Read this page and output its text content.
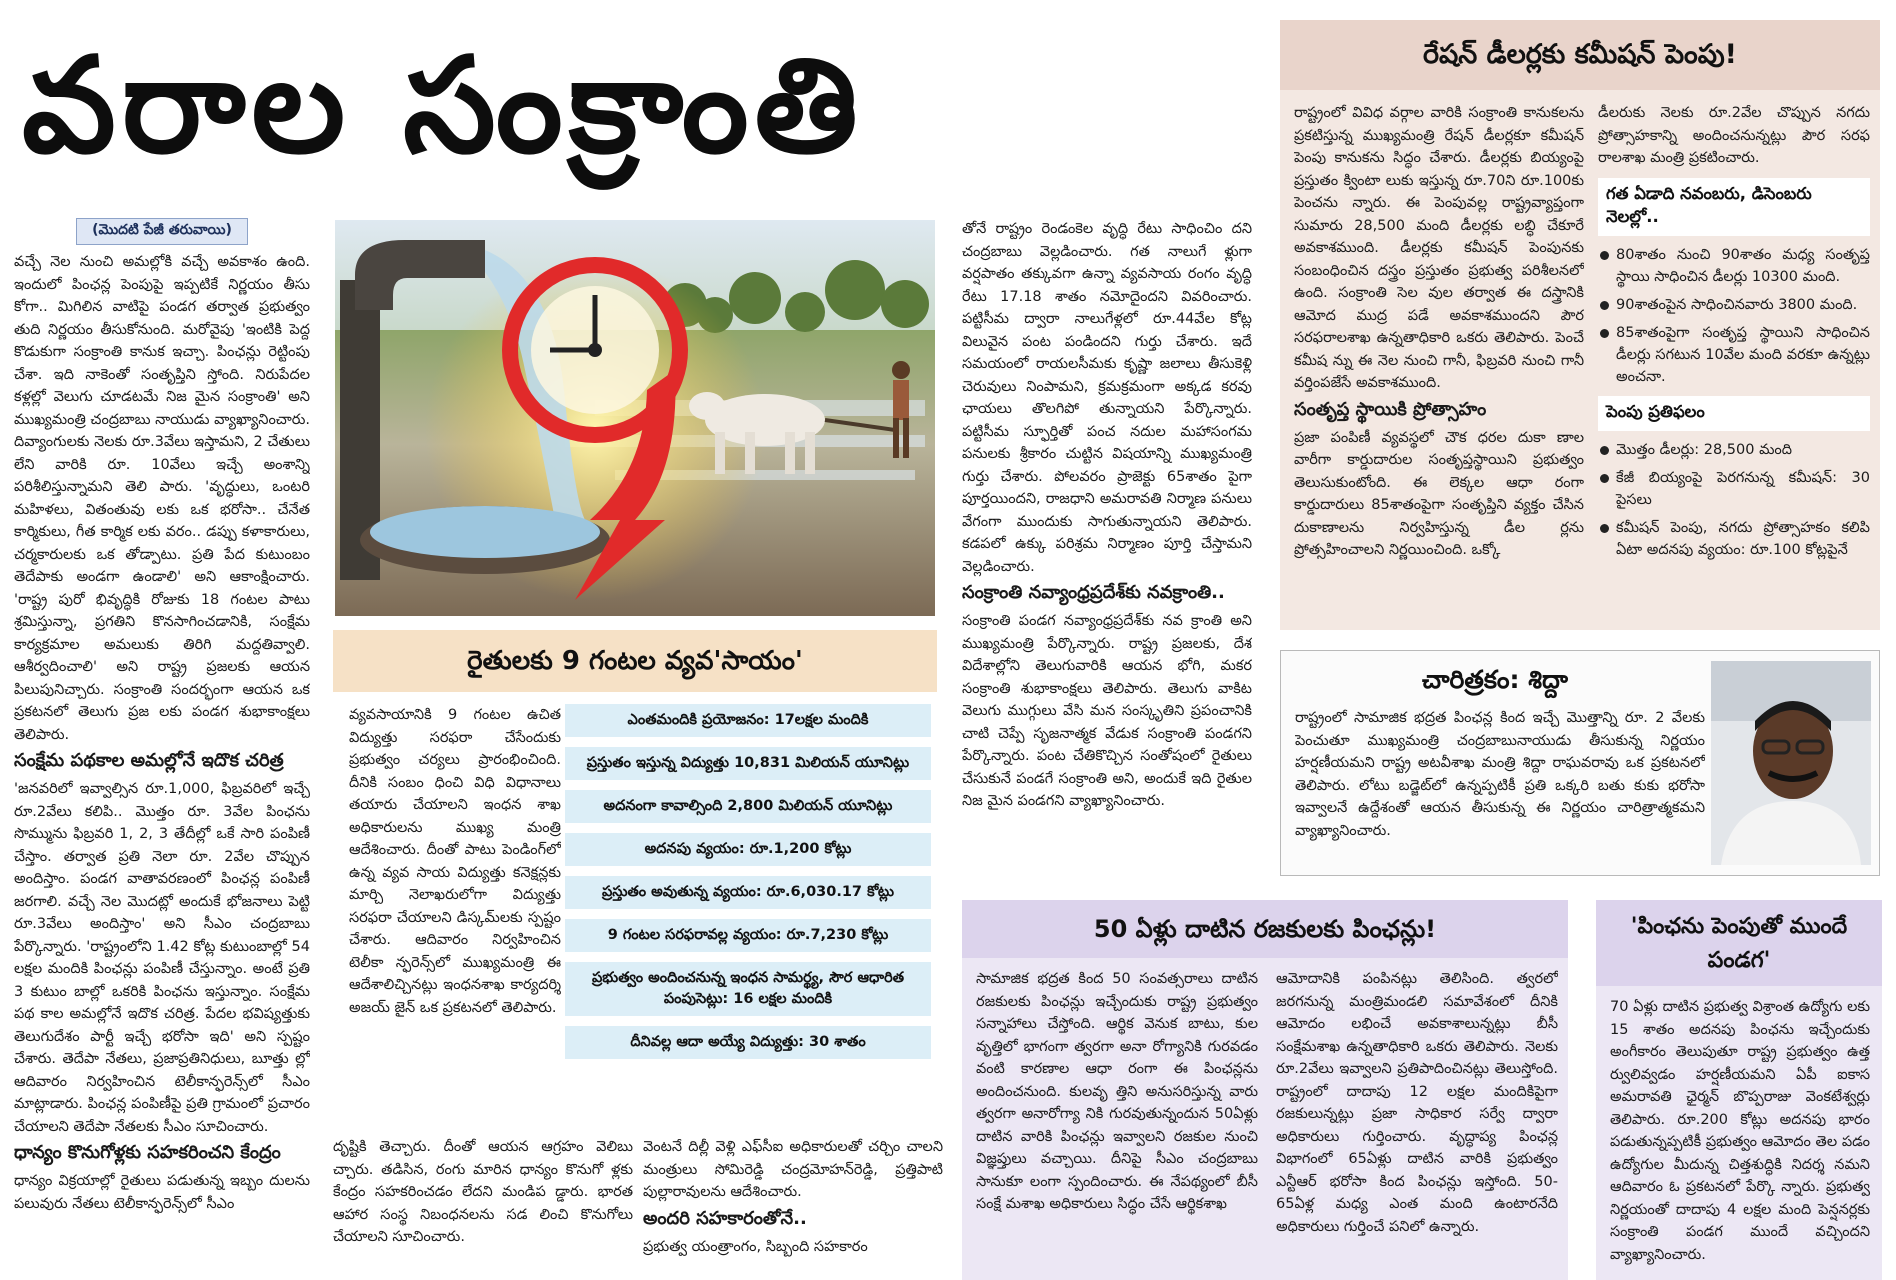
వరాల సంక్రాంతి
(మొదటి పేజీ తరువాయి)

వచ్చే నెల నుంచి అమల్లోకి వచ్చే అవకాశం ఉంది. ఇందులో పింఛన్ల పెంపుపై ఇప్పటికే నిర్ణయం తీసు కోగా.. మిగిలిన వాటిపై పండగ తర్వాత ప్రభుత్వం తుది నిర్ణయం తీసుకోనుంది. మరోవైపు 'ఇంటికి పెద్ద కొడుకుగా సంక్రాంతి కానుక ఇచ్చా. పింఛన్లు రెట్టింపు చేశా. ఇది నాకెంతో సంతృప్తిని స్తోంది. నిరుపేదల కళ్లల్లో వెలుగు చూడటమే నిజ మైన సంక్రాంతి' అని ముఖ్యమంత్రి చంద్రబాబు నాయుడు వ్యాఖ్యానించారు. దివ్యాంగులకు నెలకు రూ.3వేలు ఇస్తామని, 2 చేతులు లేని వారికి రూ. 10వేలు ఇచ్చే అంశాన్ని పరిశీలిస్తున్నామని తెలి పారు. 'వృద్ధులు, ఒంటరి మహిళలు, వితంతువు లకు ఒక భరోసా.. చేనేత కార్మికులు, గీత కార్మిక లకు వరం.. డప్పు కళాకారులు, చర్మకారులకు ఒక తోడ్పాటు. ప్రతి పేద కుటుంబం తెదేపాకు అండగా ఉండాలి' అని ఆకాంక్షించారు. 'రాష్ట్ర పురో భివృద్ధికి రోజుకు 18 గంటల పాటు శ్రమిస్తున్నా, ప్రగతిని కొనసాగించడానికి, సంక్షేమ కార్యక్రమాల అమలుకు తిరిగి మద్దతివ్వాలి. ఆశీర్వదించాలి' అని రాష్ట్ర ప్రజలకు ఆయన పిలుపునిచ్చారు. సంక్రాంతి సందర్భంగా ఆయన ఒక ప్రకటనలో తెలుగు ప్రజ లకు పండగ శుభాకాంక్షలు తెలిపారు.

సంక్షేమ పథకాల అమల్లోనే ఇదొక చరిత్ర

'జనవరిలో ఇవ్వాల్సిన రూ.1,000, ఫిబ్రవరిలో ఇచ్చే రూ.2వేలు కలిపి.. మొత్తం రూ. 3వేల పింఛను సొమ్మును ఫిబ్రవరి 1, 2, 3 తేదీల్లో ఒకే సారి పంపిణీ చేస్తాం. తర్వాత ప్రతి నెలా రూ. 2వేల చొప్పున అందిస్తాం. పండగ వాతావరణంలో పింఛన్ల పంపిణీ జరగాలి. వచ్చే నెల మొదట్లో అందుకే భోజనాలు పెట్టి రూ.3వేలు అందిస్తాం' అని సీఎం చంద్రబాబు పేర్కొన్నారు. 'రాష్ట్రంలోని 1.42 కోట్ల కుటుంబాల్లో 54 లక్షల మందికి పింఛన్లు పంపిణీ చేస్తున్నాం. అంటే ప్రతి 3 కుటుం బాల్లో ఒకరికి పింఛను ఇస్తున్నాం. సంక్షేమ పథ కాల అమల్లోనే ఇదొక చరిత్ర. పేదల భవిష్యత్తుకు తెలుగుదేశం పార్టీ ఇచ్చే భరోసా ఇది' అని స్పష్టం చేశారు. తెదేపా నేతలు, ప్రజాప్రతినిధులు, బూత్తు ల్లో ఆదివారం నిర్వహించిన టెలీకాన్ఫరెన్స్‌లో సీఎం మాట్లాడారు. పింఛన్ల పంపిణీపై ప్రతి గ్రామంలో ప్రచారం చేయాలని తెదేపా నేతలకు సీఎం సూచించారు.

ధాన్యం కొనుగోళ్లకు సహకరించని కేంద్రం

ధాన్యం విక్రయాల్లో రైతులు పడుతున్న ఇబ్బం దులను పలువురు నేతలు టెలీకాన్ఫరెన్స్‌లో సీఎం

రైతులకు 9 గంటల వ్యవ'సాయం'

వ్యవసాయానికి 9 గంటల ఉచిత విద్యుత్తు సరఫరా చేసేందుకు ప్రభుత్వం చర్యలు ప్రారంభించింది. దీనికి సంబం ధించి విధి విధానాలు తయారు చేయాలని ఇంధన శాఖ అధికారులను ముఖ్య మంత్రి ఆదేశించారు. దీంతో పాటు పెండింగ్‌లో ఉన్న వ్యవ సాయ విద్యుత్తు కనెక్షన్లకు మార్చి నెలాఖరులోగా విద్యుత్తు సరఫరా చేయాలని డిస్కమ్‌లకు స్పష్టం చేశారు. ఆదివారం నిర్వహించిన టెలీకా న్ఫరెన్స్‌లో ముఖ్యమంత్రి ఈ ఆదేశాలిచ్చినట్లు ఇంధనశాఖ కార్యదర్శి అజయ్ జైన్ ఒక ప్రకటనలో తెలిపారు.

ఎంతమందికి ప్రయోజనం: 17లక్షల మందికి
ప్రస్తుతం ఇస్తున్న విద్యుత్తు 10,831 మిలియన్ యూనిట్లు
అదనంగా కావాల్సింది 2,800 మిలియన్ యూనిట్లు
అదనపు వ్యయం: రూ.1,200 కోట్లు
ప్రస్తుతం అవుతున్న వ్యయం: రూ.6,030.17 కోట్లు
9 గంటల సరఫరావల్ల వ్యయం: రూ.7,230 కోట్లు
ప్రభుత్వం అందించనున్న ఇంధన సామర్థ్య, సౌర ఆధారిత పంపుసెట్లు: 16 లక్షల మందికి
దీనివల్ల ఆదా అయ్యే విద్యుత్తు: 30 శాతం

దృష్టికి తెచ్చారు. దీంతో ఆయన ఆగ్రహం వెలిబు చ్చారు. తడిసిన, రంగు మారిన ధాన్యం కొనుగో ళ్లకు కేంద్రం సహకరించడం లేదని మండిప డ్డారు. భారత ఆహార సంస్థ నిబంధనలను సడ లించి కొనుగోలు చేయాలని సూచించారు.

వెంటనే దిల్లీ వెళ్లి ఎఫ్‌సీఐ అధికారులతో చర్చిం చాలని మంత్రులు సోమిరెడ్డి చంద్రమోహన్‌రెడ్డి, ప్రత్తిపాటి పుల్లారావులను ఆదేశించారు.

అందరి సహకారంతోనే..

ప్రభుత్వ యంత్రాంగం, సిబ్బంది సహకారం

తోనే రాష్ట్రం రెండంకెల వృద్ధి రేటు సాధించిం దని చంద్రబాబు వెల్లడించారు. గత నాలుగే ళ్లుగా వర్షపాతం తక్కువగా ఉన్నా వ్యవసాయ రంగం వృద్ధి రేటు 17.18 శాతం నమోదైందని వివరించారు. పట్టిసీమ ద్వారా నాలుగేళ్లలో రూ.44వేల కోట్ల విలువైన పంట పండిందని గుర్తు చేశారు. ఇదే సమయంలో రాయలసీమకు కృష్ణా జలాలు తీసుకెళ్లి చెరువులు నింపామని, క్రమక్రమంగా అక్కడ కరవు ఛాయలు తొలగిపో తున్నాయని పేర్కొన్నారు. పట్టిసీమ స్ఫూర్తితో పంచ నదుల మహాసంగమ పనులకు శ్రీకారం చుట్టిన విషయాన్ని ముఖ్యమంత్రి గుర్తు చేశారు. పోలవరం ప్రాజెక్టు 65శాతం పైగా పూర్తయిందని, రాజధాని అమరావతి నిర్మాణ పనులు వేగంగా ముందుకు సాగుతున్నాయని తెలిపారు. కడపలో ఉక్కు పరిశ్రమ నిర్మాణం పూర్తి చేస్తామని వెల్లడించారు.

సంక్రాంతి నవ్యాంధ్రప్రదేశ్‌కు నవక్రాంతి..

సంక్రాంతి పండగ నవ్యాంధ్రప్రదేశ్‌కు నవ క్రాంతి అని ముఖ్యమంత్రి పేర్కొన్నారు. రాష్ట్ర ప్రజలకు, దేశ విదేశాల్లోని తెలుగువారికి ఆయన భోగి, మకర సంక్రాంతి శుభాకాంక్షలు తెలిపారు. తెలుగు వాకిట వెలుగు ముగ్గులు వేసి మన సంస్కృతిని ప్రపంచానికి చాటి చెప్పే సృజనాత్మక వేడుక సంక్రాంతి పండగని పేర్కొన్నారు. పంట చేతికొచ్చిన సంతోషంలో రైతులు చేసుకునే పండగే సంక్రాంతి అని, అందుకే ఇది రైతుల నిజ మైన పండగని వ్యాఖ్యానించారు.

రేషన్ డీలర్లకు కమీషన్ పెంపు!

రాష్ట్రంలో వివిధ వర్గాల వారికి సంక్రాంతి కానుకలను ప్రకటిస్తున్న ముఖ్యమంత్రి రేషన్ డీలర్లకూ కమీషన్ పెంపు కానుకను సిద్ధం చేశారు. డీలర్లకు బియ్యంపై ప్రస్తుతం క్వింటా లుకు ఇస్తున్న రూ.70ని రూ.100కు పెంచను న్నారు. ఈ పెంపువల్ల రాష్ట్రవ్యాప్తంగా సుమారు 28,500 మంది డీలర్లకు లబ్ధి చేకూరే అవకాశముంది. డీలర్లకు కమీషన్ పెంపునకు సంబంధించిన దస్త్రం ప్రస్తుతం ప్రభుత్వ పరిశీలనలో ఉంది. సంక్రాంతి సెల వుల తర్వాత ఈ దస్త్రానికి ఆమోద ముద్ర పడే అవకాశముందని పౌర సరఫరాలశాఖ ఉన్నతాధికారి ఒకరు తెలిపారు. పెంచే కమీష న్ను ఈ నెల నుంచి గానీ, ఫిబ్రవరి నుంచి గానీ వర్తింపజేసే అవకాశముంది.

సంతృప్త స్థాయికి ప్రోత్సాహం

ప్రజా పంపిణీ వ్యవస్థలో చౌక ధరల దుకా ణాల వారీగా కార్డుదారుల సంతృప్తస్థాయిని ప్రభుత్వం తెలుసుకుంటోంది. ఈ లెక్కల ఆధా రంగా కార్డుదారులు 85శాతంపైగా సంతృప్తిని వ్యక్తం చేసిన దుకాణాలను నిర్వహిస్తున్న డీల ర్లను ప్రోత్సహించాలని నిర్ణయించింది. ఒక్కో

డీలరుకు నెలకు రూ.2వేల చొప్పున నగదు ప్రోత్సాహకాన్ని అందించనున్నట్లు పౌర సరఫ రాలశాఖ మంత్రి ప్రకటించారు.

గత ఏడాది నవంబరు, డిసెంబరు నెలల్లో..
80శాతం నుంచి 90శాతం మధ్య సంతృప్త స్థాయి సాధించిన డీలర్లు 10300 మంది.
90శాతంపైన సాధించినవారు 3800 మంది.
85శాతంపైగా సంతృప్త స్థాయిని సాధించిన డీలర్లు సగటున 10వేల మంది వరకూ ఉన్నట్లు అంచనా.
పెంపు ప్రతిఫలం
మొత్తం డీలర్లు: 28,500 మంది
కేజీ బియ్యంపై పెరగనున్న కమీషన్: 30 పైసలు
కమీషన్ పెంపు, నగదు ప్రోత్సాహకం కలిపి ఏటా అదనపు వ్యయం: రూ.100 కోట్లపైనే
చారిత్రకం: శిద్దా

రాష్ట్రంలో సామాజిక భద్రత పింఛన్ల కింద ఇచ్చే మొత్తాన్ని రూ. 2 వేలకు పెంచుతూ ముఖ్యమంత్రి చంద్రబాబునాయుడు తీసుకున్న నిర్ణయం హర్షణీయమని రాష్ట్ర అటవీశాఖ మంత్రి శిద్దా రాఘవరావు ఒక ప్రకటనలో తెలిపారు. లోటు బడ్జెట్‌లో ఉన్నప్పటికీ ప్రతి ఒక్కరి బతు కుకు భరోసా ఇవ్వాలనే ఉద్దేశంతో ఆయన తీసుకున్న ఈ నిర్ణయం చారిత్రాత్మకమని వ్యాఖ్యానించారు.

50 ఏళ్లు దాటిన రజకులకు పింఛన్లు!

సామాజిక భద్రత కింద 50 సంవత్సరాలు దాటిన రజకులకు పింఛన్లు ఇచ్చేందుకు రాష్ట్ర ప్రభుత్వం సన్నాహాలు చేస్తోంది. ఆర్థిక వెనుక బాటు, కుల వృత్తిలో భాగంగా త్వరగా అనా రోగ్యానికి గురవడం వంటి కారణాల ఆధా రంగా ఈ పింఛన్లను అందించనుంది. కులవృ త్తిని అనుసరిస్తున్న వారు త్వరగా అనారోగ్యా నికి గురవుతున్నందున 50ఏళ్లు దాటిన వారికి పింఛన్లు ఇవ్వాలని రజకుల నుంచి విజ్ఞప్తులు వచ్చాయి. దీనిపై సీఎం చంద్రబాబు సానుకూ లంగా స్పందించారు. ఈ నేపథ్యంలో బీసీ సంక్షే మశాఖ అధికారులు సిద్ధం చేసే ఆర్థికశాఖ

ఆమోదానికి పంపినట్లు తెలిసింది. త్వరలో జరగనున్న మంత్రిమండలి సమావేశంలో దీనికి ఆమోదం లభించే అవకాశాలున్నట్లు బీసీ సంక్షేమశాఖ ఉన్నతాధికారి ఒకరు తెలిపారు. నెలకు రూ.2వేలు ఇవ్వాలని ప్రతిపాదించినట్లు తెలుస్తోంది. రాష్ట్రంలో దాదాపు 12 లక్షల మందికిపైగా రజకులున్నట్లు ప్రజా సాధికార సర్వే ద్వారా అధికారులు గుర్తించారు. వృద్ధాప్య పింఛన్ల విభాగంలో 65ఏళ్లు దాటిన వారికి ప్రభుత్వం ఎన్టీఆర్ భరోసా కింద పింఛన్లు ఇస్తోంది. 50- 65ఏళ్ల మధ్య ఎంత మంది ఉంటారనేది అధికారులు గుర్తించే పనిలో ఉన్నారు.

'పింఛను పెంపుతో ముందే పండగ'

70 ఏళ్లు దాటిన ప్రభుత్వ విశ్రాంత ఉద్యోగు లకు 15 శాతం అదనపు పింఛను ఇచ్చేందుకు అంగీకారం తెలుపుతూ రాష్ట్ర ప్రభుత్వం ఉత్త ర్వులివ్వడం హర్షణీయమని ఏపీ ఐకాస అమరావతి ఛైర్మన్ బొప్పరాజు వెంకటేశ్వర్లు తెలిపారు. రూ.200 కోట్లు అదనపు భారం పడుతున్నప్పటికీ ప్రభుత్వం ఆమోదం తెల పడం ఉద్యోగుల మీదున్న చిత్తశుద్ధికి నిదర్శ నమని ఆదివారం ఓ ప్రకటనలో పేర్కొ న్నారు. ప్రభుత్వ నిర్ణయంతో దాదాపు 4 లక్షల మంది పెన్షనర్లకు సంక్రాంతి పండగ ముందే వచ్చిందని వ్యాఖ్యానించారు.
